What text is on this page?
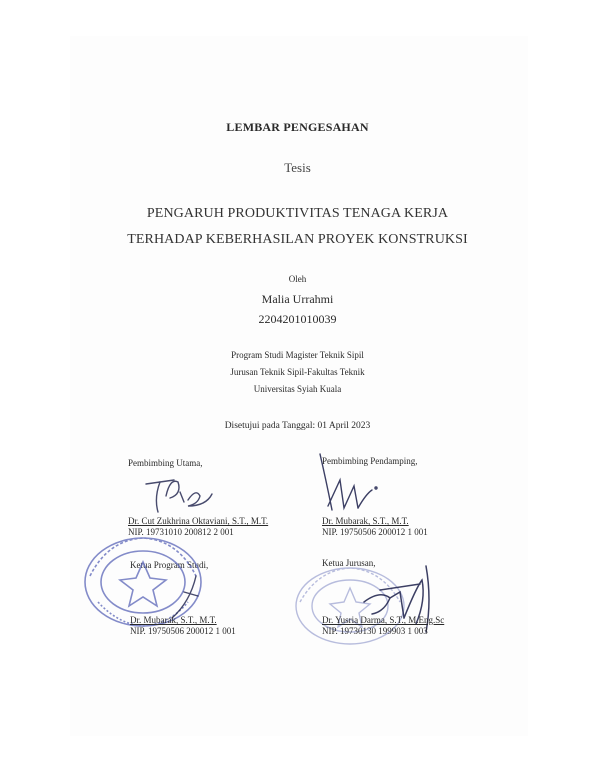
LEMBAR PENGESAHAN
Tesis
PENGARUH PRODUKTIVITAS TENAGA KERJA
TERHADAP KEBERHASILAN PROYEK KONSTRUKSI
Oleh
Malia Urrahmi
2204201010039
Program Studi Magister Teknik Sipil
Jurusan Teknik Sipil-Fakultas Teknik
Universitas Syiah Kuala
Disetujui pada Tanggal: 01 April 2023
Pembimbing Utama,	Pembimbing Pendamping,
Ketua Program Studi,	Ketua Jurusan,
Dr. Cut Zukhrina Oktaviani, S.T., M.T.
NIP. 19731010 200812 2 001
Dr. Mubarak, S.T., M.T.
NIP. 19750506 200012 1 001
Dr. Mubarak, S.T., M.T.
NIP. 19750506 200012 1 001
Dr. Yusria Darma, S.T., M.Eng.Sc
NIP. 19730130 199903 1 003
